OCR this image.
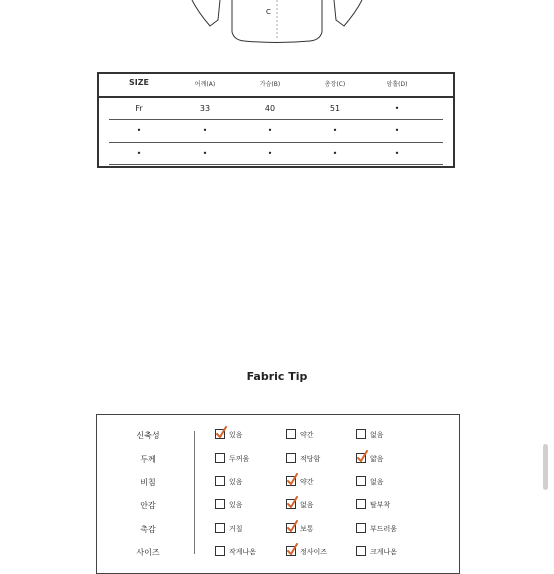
C
SIZE	어깨(A)	가슴(B)	총장(C)	암홀(D)
Fr	33	40	51	•
•	•	•	•	•
•	•	•	•	•
Fabric Tip
신축성	있음	약간	없음
두께	두꺼움	적당함	얇음
비침	있음	약간	없음
안감	있음	없음	탈부착
촉감	거칠	보통	부드러움
사이즈	작게나옴	정사이즈	크게나옴
